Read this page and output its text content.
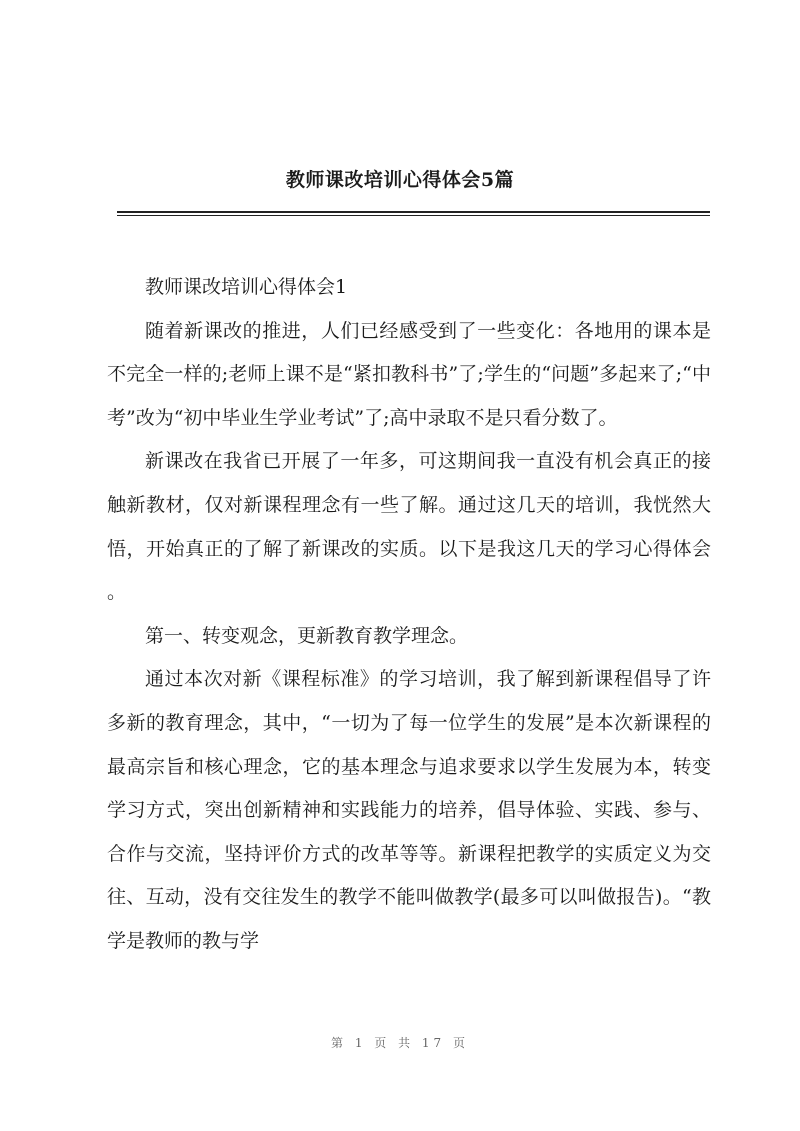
教师课改培训心得体会5篇

教师课改培训心得体会1

随着新课改的推进，人们已经感受到了一些变化：各地用的课本是不完全一样的;老师上课不是“紧扣教科书”了;学生的“问题”多起来了;“中考”改为“初中毕业生学业考试”了;高中录取不是只看分数了。

新课改在我省已开展了一年多，可这期间我一直没有机会真正的接触新教材，仅对新课程理念有一些了解。通过这几天的培训，我恍然大悟，开始真正的了解了新课改的实质。以下是我这几天的学习心得体会。

第一、转变观念，更新教育教学理念。

通过本次对新《课程标准》的学习培训，我了解到新课程倡导了许多新的教育理念，其中，“一切为了每一位学生的发展”是本次新课程的最高宗旨和核心理念，它的基本理念与追求要求以学生发展为本，转变学习方式，突出创新精神和实践能力的培养，倡导体验、实践、参与、合作与交流，坚持评价方式的改革等等。新课程把教学的实质定义为交往、互动，没有交往发生的教学不能叫做教学(最多可以叫做报告)。“教学是教师的教与学

第 1 页 共 17 页
